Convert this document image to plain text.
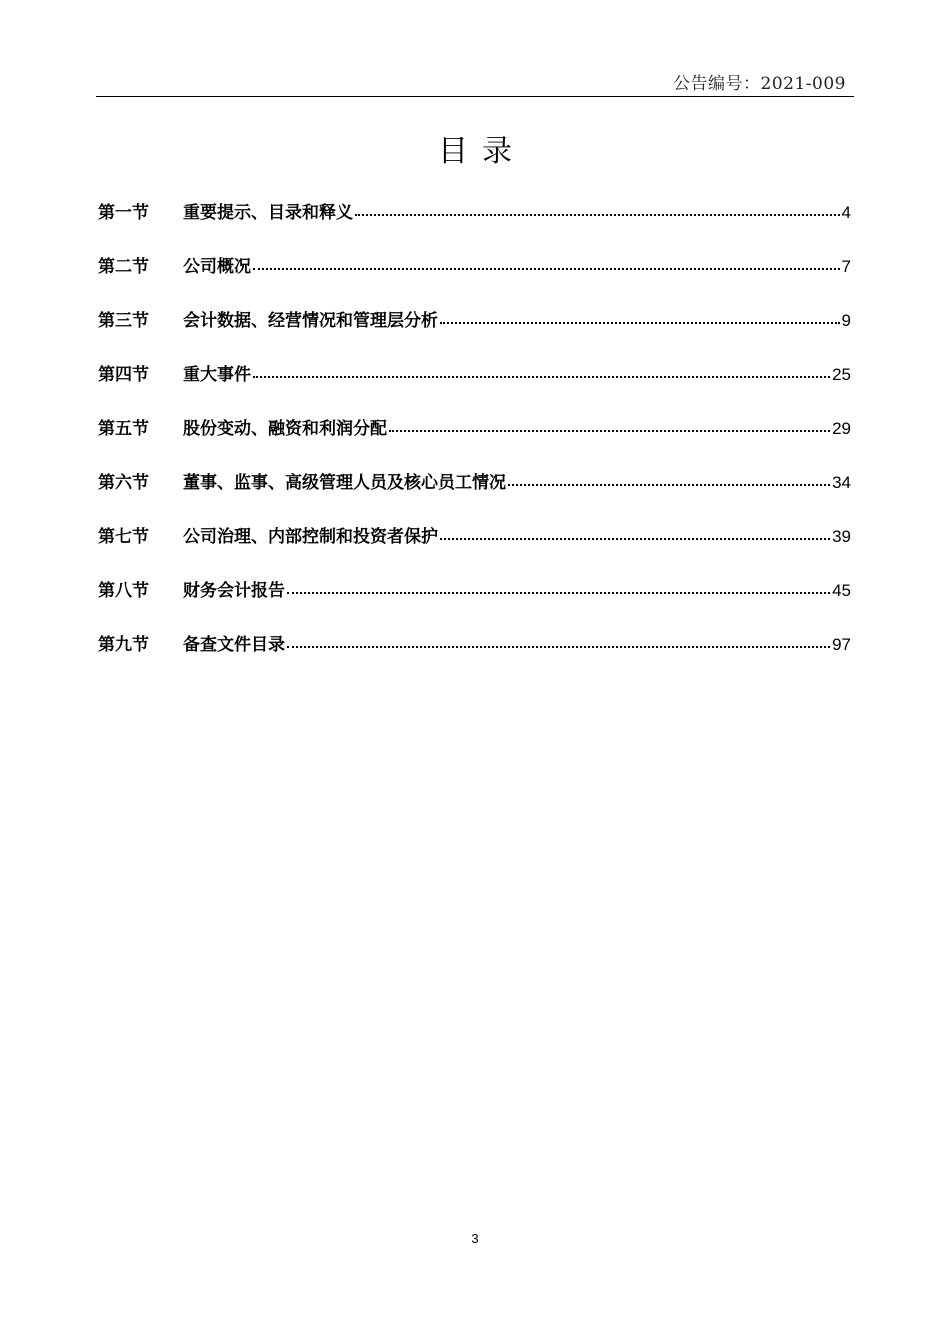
公告编号：2021-009
目录
第一节	重要提示、目录和释义	4
第二节	公司概况	7
第三节	会计数据、经营情况和管理层分析	9
第四节	重大事件	25
第五节	股份变动、融资和利润分配	29
第六节	董事、监事、高级管理人员及核心员工情况	34
第七节	公司治理、内部控制和投资者保护	39
第八节	财务会计报告	45
第九节	备查文件目录	97
3
